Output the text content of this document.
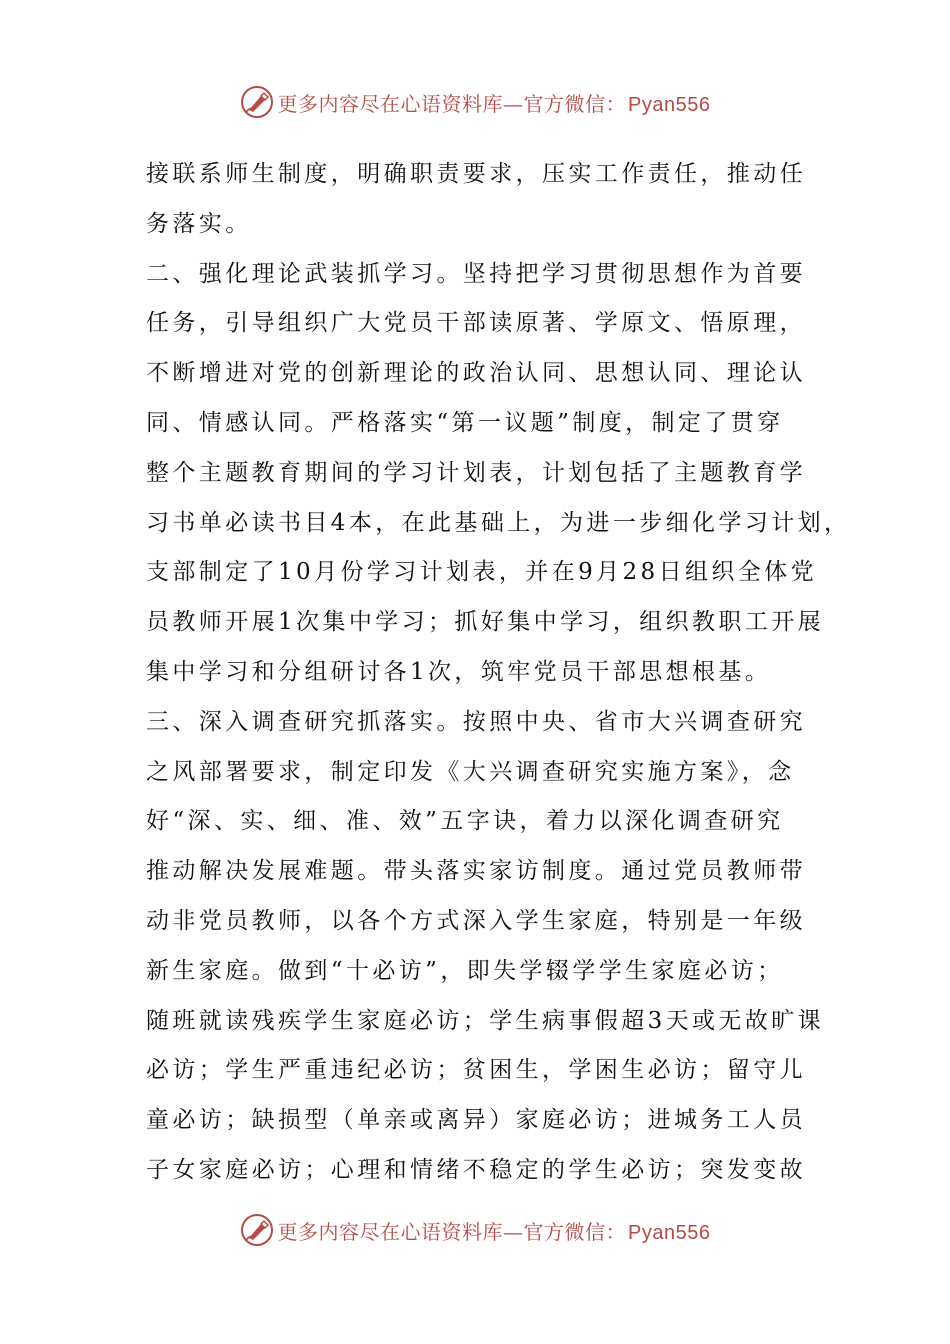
更多内容尽在心语资料库—官方微信： Pyan556
接联系师生制度，明确职责要求，压实工作责任，推动任
务落实。
二、强化理论武装抓学习。坚持把学习贯彻思想作为首要
任务，引导组织广大党员干部读原著、学原文、悟原理，
不断增进对党的创新理论的政治认同、思想认同、理论认
同、情感认同。严格落实“第一议题”制度，制定了贯穿
整个主题教育期间的学习计划表，计划包括了主题教育学
习书单必读书目4本，在此基础上，为进一步细化学习计划，
支部制定了10月份学习计划表，并在9月28日组织全体党
员教师开展1次集中学习；抓好集中学习，组织教职工开展
集中学习和分组研讨各1次，筑牢党员干部思想根基。
三、深入调查研究抓落实。按照中央、省市大兴调查研究
之风部署要求，制定印发《大兴调查研究实施方案》，念
好“深、实、细、准、效”五字诀，着力以深化调查研究
推动解决发展难题。带头落实家访制度。通过党员教师带
动非党员教师，以各个方式深入学生家庭，特别是一年级
新生家庭。做到“十必访”，即失学辍学学生家庭必访；
随班就读残疾学生家庭必访；学生病事假超3天或无故旷课
必访；学生严重违纪必访；贫困生，学困生必访；留守儿
童必访；缺损型（单亲或离异）家庭必访；进城务工人员
子女家庭必访；心理和情绪不稳定的学生必访；突发变故
更多内容尽在心语资料库—官方微信： Pyan556
